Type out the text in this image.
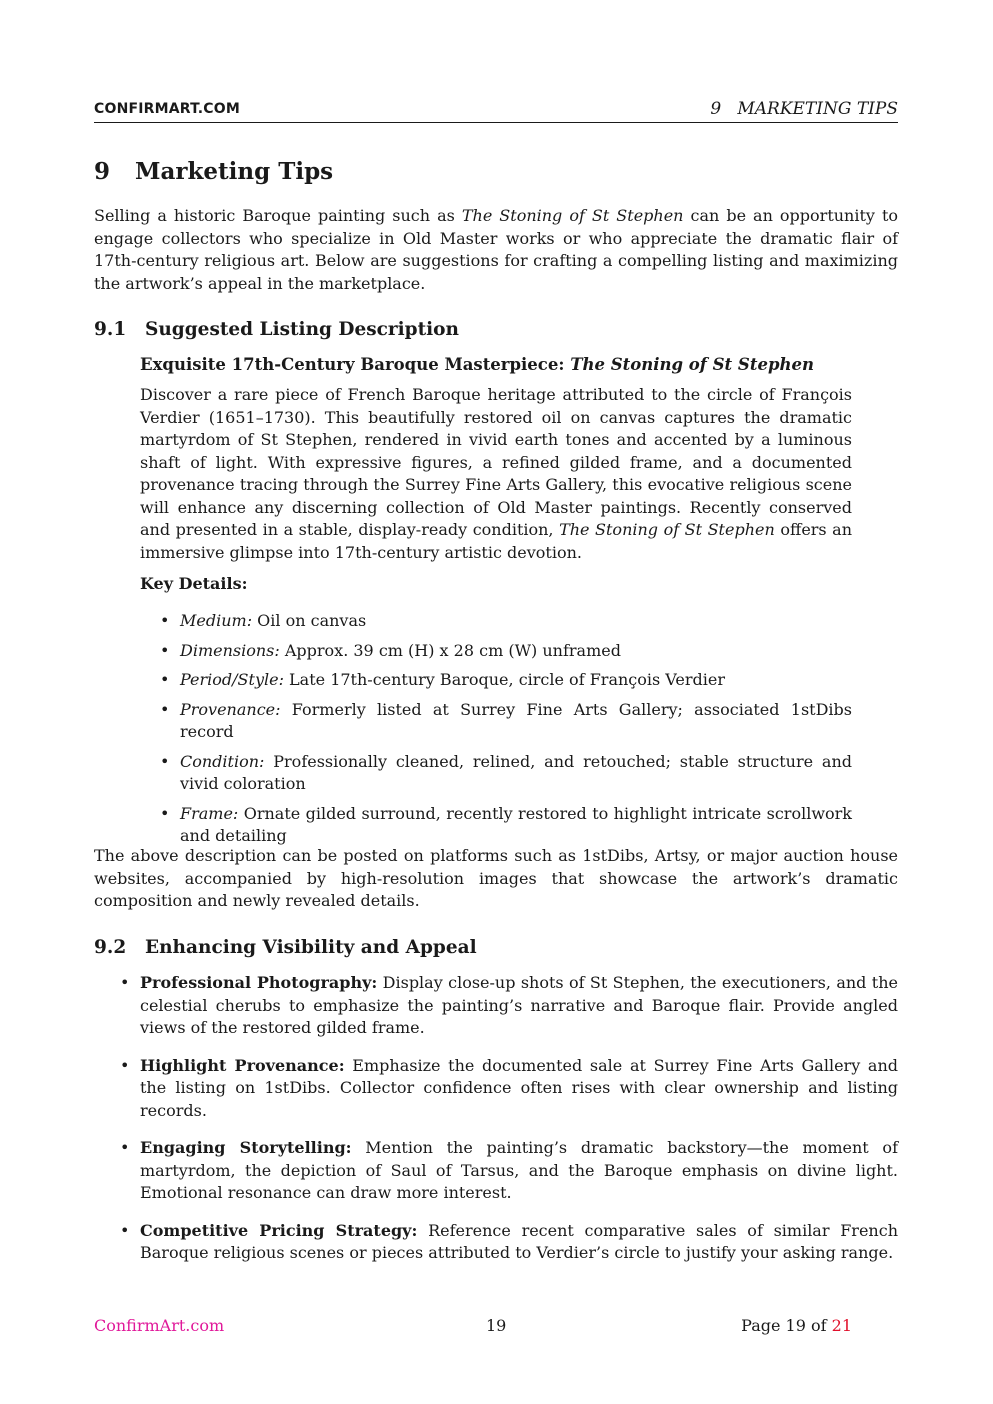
CONFIRMART.COM	9   MARKETING TIPS
9 Marketing Tips

Selling a historic Baroque painting such as The Stoning of St Stephen can be an opportunity to engage collectors who specialize in Old Master works or who appreciate the dramatic flair of 17th-century religious art. Below are suggestions for crafting a compelling listing and maximizing the artwork’s appeal in the marketplace.

9.1 Suggested Listing Description

Exquisite 17th-Century Baroque Masterpiece: The Stoning of St Stephen

Discover a rare piece of French Baroque heritage attributed to the circle of François Verdier (1651–1730). This beautifully restored oil on canvas captures the dramatic martyrdom of St Stephen, rendered in vivid earth tones and accented by a luminous shaft of light. With expressive figures, a refined gilded frame, and a documented provenance tracing through the Surrey Fine Arts Gallery, this evocative religious scene will enhance any discerning collection of Old Master paintings. Recently conserved and presented in a stable, display-ready condition, The Stoning of St Stephen offers an immersive glimpse into 17th-century artistic devotion.

Key Details:

• Medium: Oil on canvas
• Dimensions: Approx. 39 cm (H) x 28 cm (W) unframed
• Period/Style: Late 17th-century Baroque, circle of François Verdier
• Provenance: Formerly listed at Surrey Fine Arts Gallery; associated 1stDibs record
• Condition: Professionally cleaned, relined, and retouched; stable structure and vivid coloration
• Frame: Ornate gilded surround, recently restored to highlight intricate scrollwork and detailing

The above description can be posted on platforms such as 1stDibs, Artsy, or major auction house websites, accompanied by high-resolution images that showcase the artwork’s dramatic composition and newly revealed details.

9.2 Enhancing Visibility and Appeal
• Professional Photography: Display close-up shots of St Stephen, the executioners, and the celestial cherubs to emphasize the painting’s narrative and Baroque flair. Provide angled views of the restored gilded frame.
• Highlight Provenance: Emphasize the documented sale at Surrey Fine Arts Gallery and the listing on 1stDibs. Collector confidence often rises with clear ownership and listing records.
• Engaging Storytelling: Mention the painting’s dramatic backstory—the moment of martyrdom, the depiction of Saul of Tarsus, and the Baroque emphasis on divine light. Emotional resonance can draw more interest.
• Competitive Pricing Strategy: Reference recent comparative sales of similar French Baroque religious scenes or pieces attributed to Verdier’s circle to justify your asking range.
ConfirmArt.com	19	Page 19 of 21
